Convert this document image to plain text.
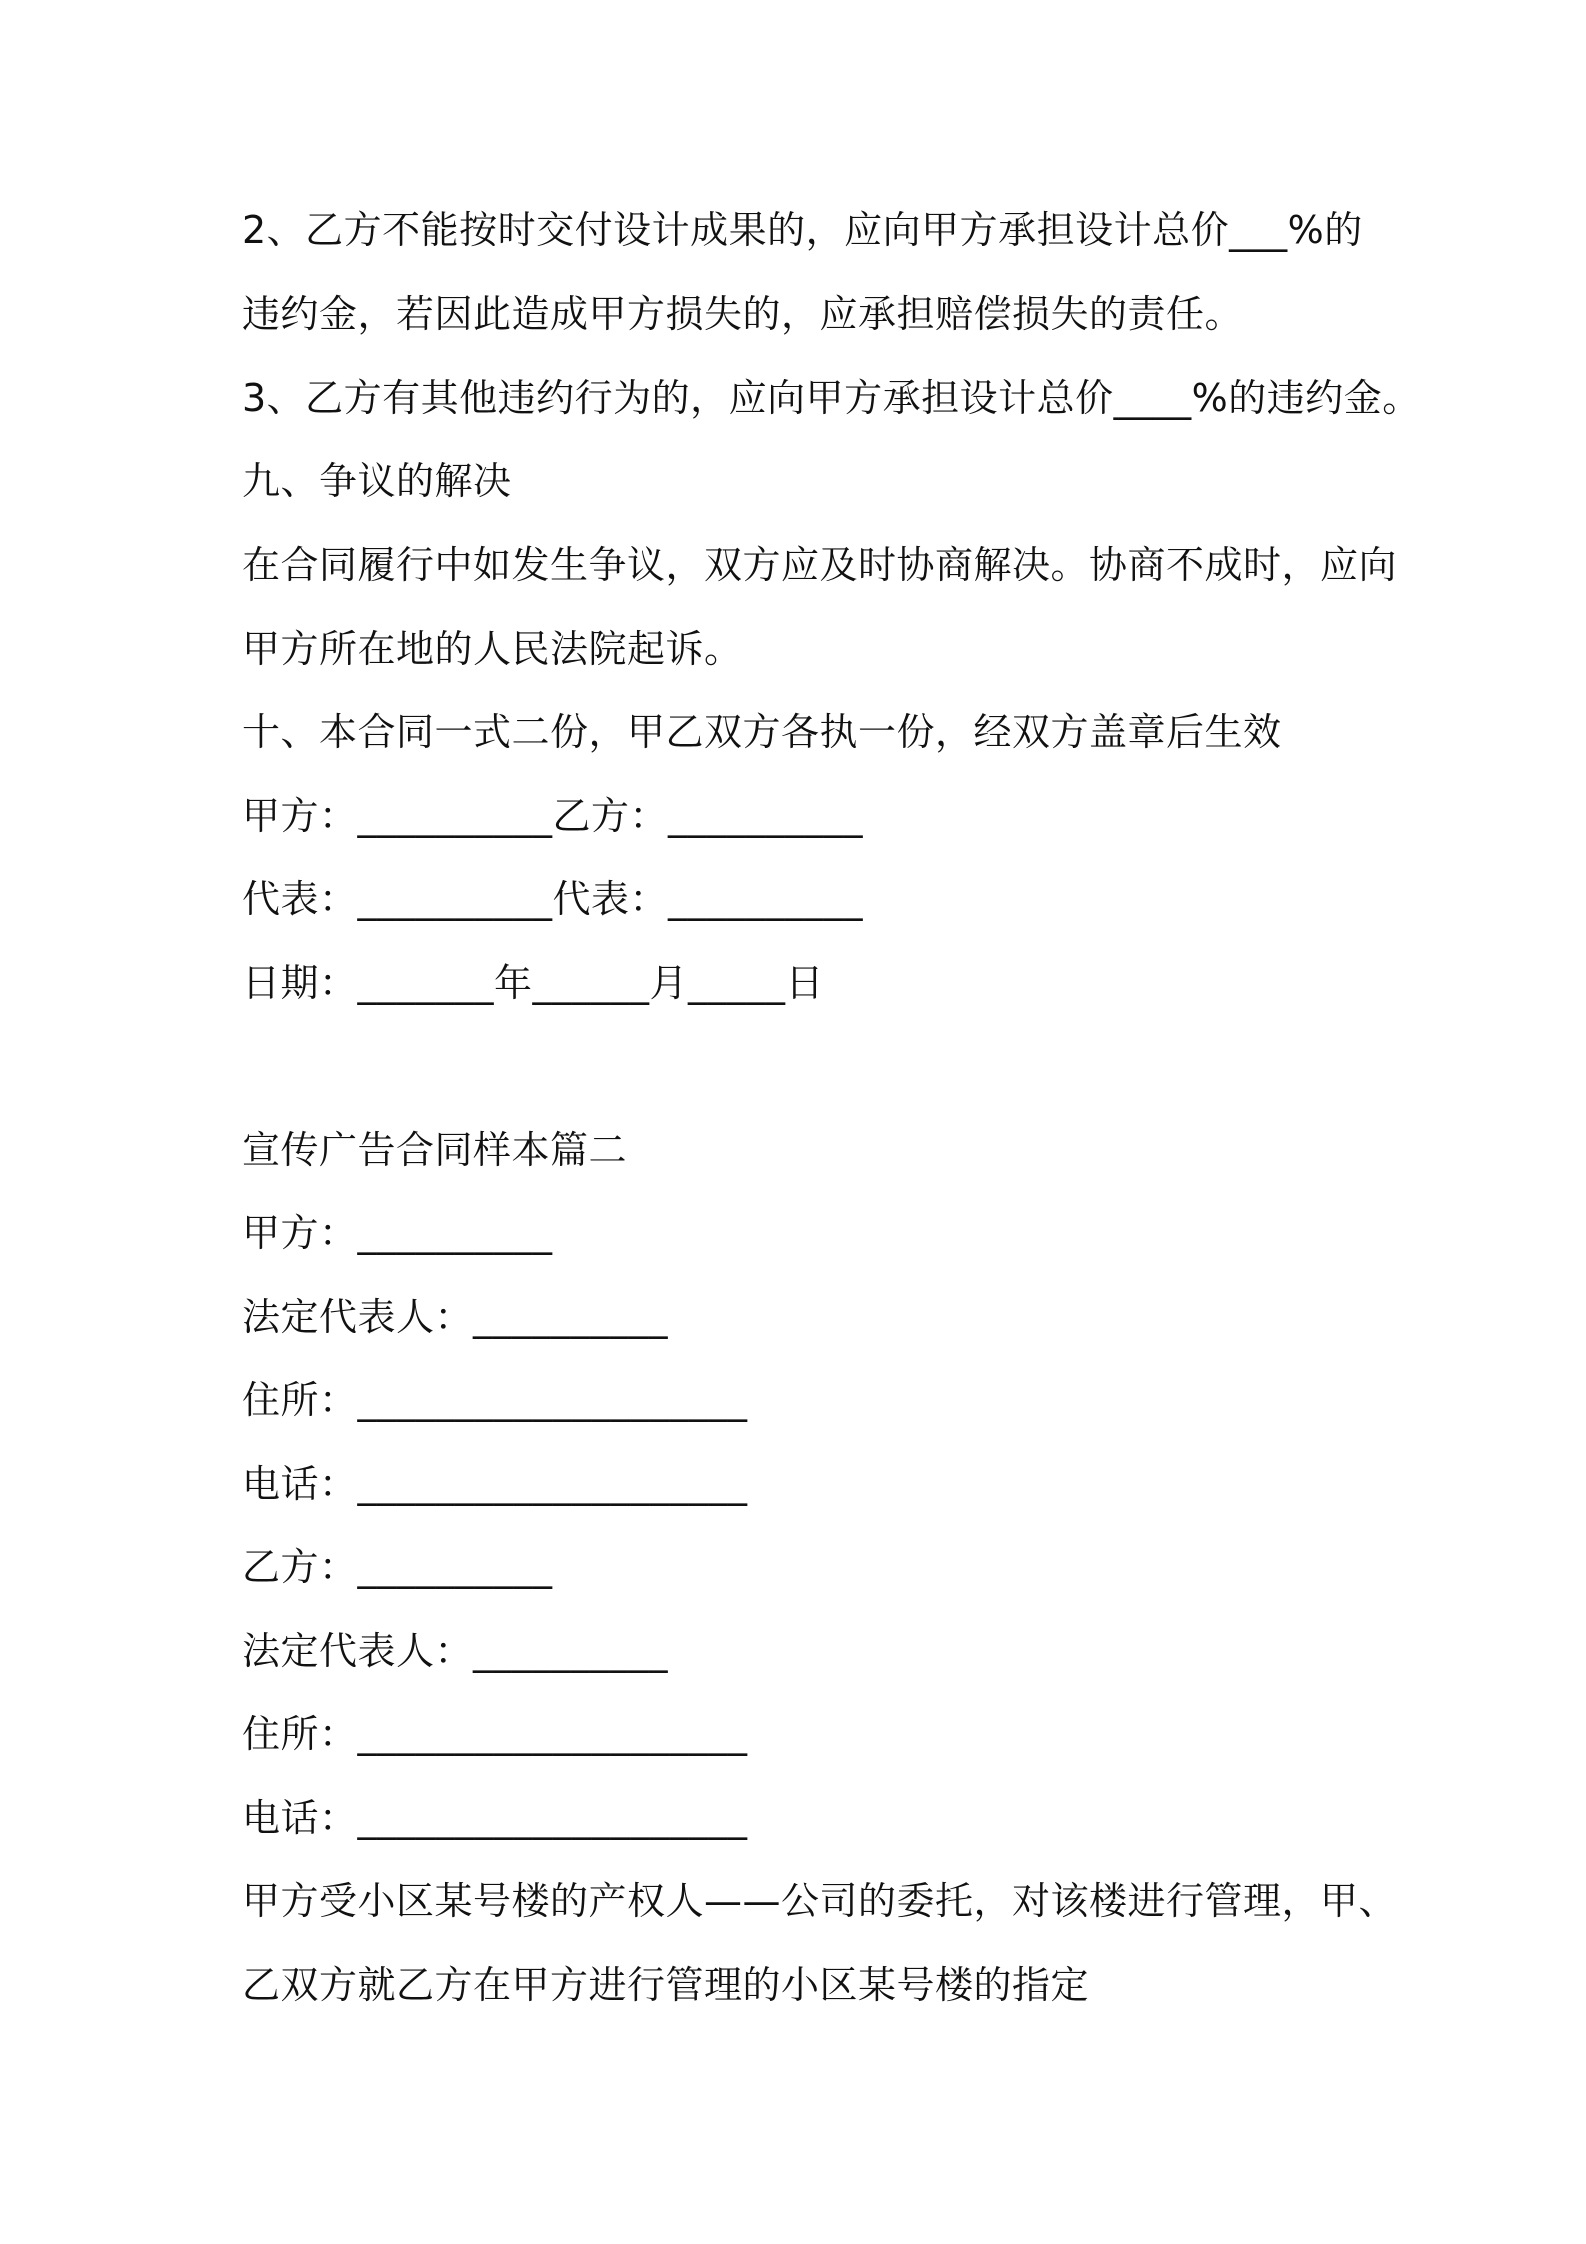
2、乙方不能按时交付设计成果的，应向甲方承担设计总价___%的
违约金，若因此造成甲方损失的，应承担赔偿损失的责任。
3、乙方有其他违约行为的，应向甲方承担设计总价____%的违约金。
九、争议的解决
在合同履行中如发生争议，双方应及时协商解决。协商不成时，应向
甲方所在地的人民法院起诉。
十、本合同一式二份，甲乙双方各执一份，经双方盖章后生效
甲方：__________乙方：__________
代表：__________代表：__________
日期：_______年______月_____日
宣传广告合同样本篇二
甲方：__________
法定代表人：__________
住所：____________________
电话：____________________
乙方：__________
法定代表人：__________
住所：____________________
电话：____________________
甲方受小区某号楼的产权人——公司的委托，对该楼进行管理，甲、
乙双方就乙方在甲方进行管理的小区某号楼的指定
